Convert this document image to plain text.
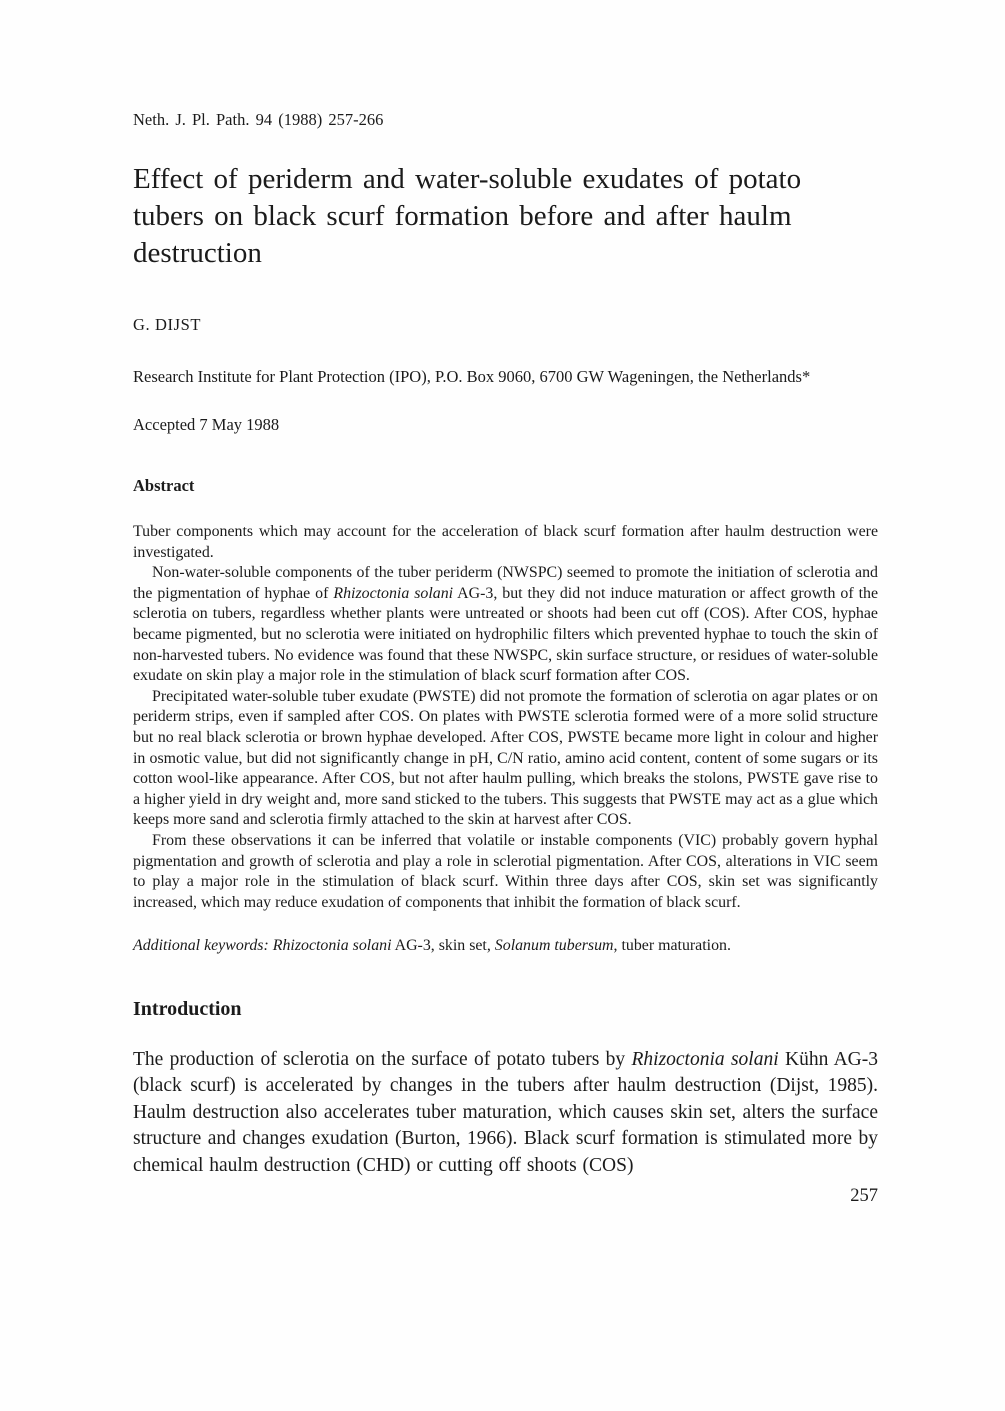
Neth. J. Pl. Path. 94 (1988) 257-266

Effect of periderm and water-soluble exudates of potato tubers on black scurf formation before and after haulm destruction

G. DIJST

Research Institute for Plant Protection (IPO), P.O. Box 9060, 6700 GW Wageningen, the Netherlands*

Accepted 7 May 1988

Abstract

Tuber components which may account for the acceleration of black scurf formation after haulm destruction were investigated.

Non-water-soluble components of the tuber periderm (NWSPC) seemed to promote the initiation of sclerotia and the pigmentation of hyphae of Rhizoctonia solani AG-3, but they did not induce maturation or affect growth of the sclerotia on tubers, regardless whether plants were untreated or shoots had been cut off (COS). After COS, hyphae became pigmented, but no sclerotia were initiated on hydrophilic filters which prevented hyphae to touch the skin of non-harvested tubers. No evidence was found that these NWSPC, skin surface structure, or residues of water-soluble exudate on skin play a major role in the stimulation of black scurf formation after COS.

Precipitated water-soluble tuber exudate (PWSTE) did not promote the formation of sclerotia on agar plates or on periderm strips, even if sampled after COS. On plates with PWSTE sclerotia formed were of a more solid structure but no real black sclerotia or brown hyphae developed. After COS, PWSTE became more light in colour and higher in osmotic value, but did not significantly change in pH, C/N ratio, amino acid content, content of some sugars or its cotton wool-like appearance. After COS, but not after haulm pulling, which breaks the stolons, PWSTE gave rise to a higher yield in dry weight and, more sand sticked to the tubers. This suggests that PWSTE may act as a glue which keeps more sand and sclerotia firmly attached to the skin at harvest after COS.

From these observations it can be inferred that volatile or instable components (VIC) probably govern hyphal pigmentation and growth of sclerotia and play a role in sclerotial pigmentation. After COS, alterations in VIC seem to play a major role in the stimulation of black scurf. Within three days after COS, skin set was significantly increased, which may reduce exudation of components that inhibit the formation of black scurf.

Additional keywords: Rhizoctonia solani AG-3, skin set, Solanum tubersum, tuber maturation.

Introduction

The production of sclerotia on the surface of potato tubers by Rhizoctonia solani Kühn AG-3 (black scurf) is accelerated by changes in the tubers after haulm destruction (Dijst, 1985). Haulm destruction also accelerates tuber maturation, which causes skin set, alters the surface structure and changes exudation (Burton, 1966). Black scurf formation is stimulated more by chemical haulm destruction (CHD) or cutting off shoots (COS)

257
